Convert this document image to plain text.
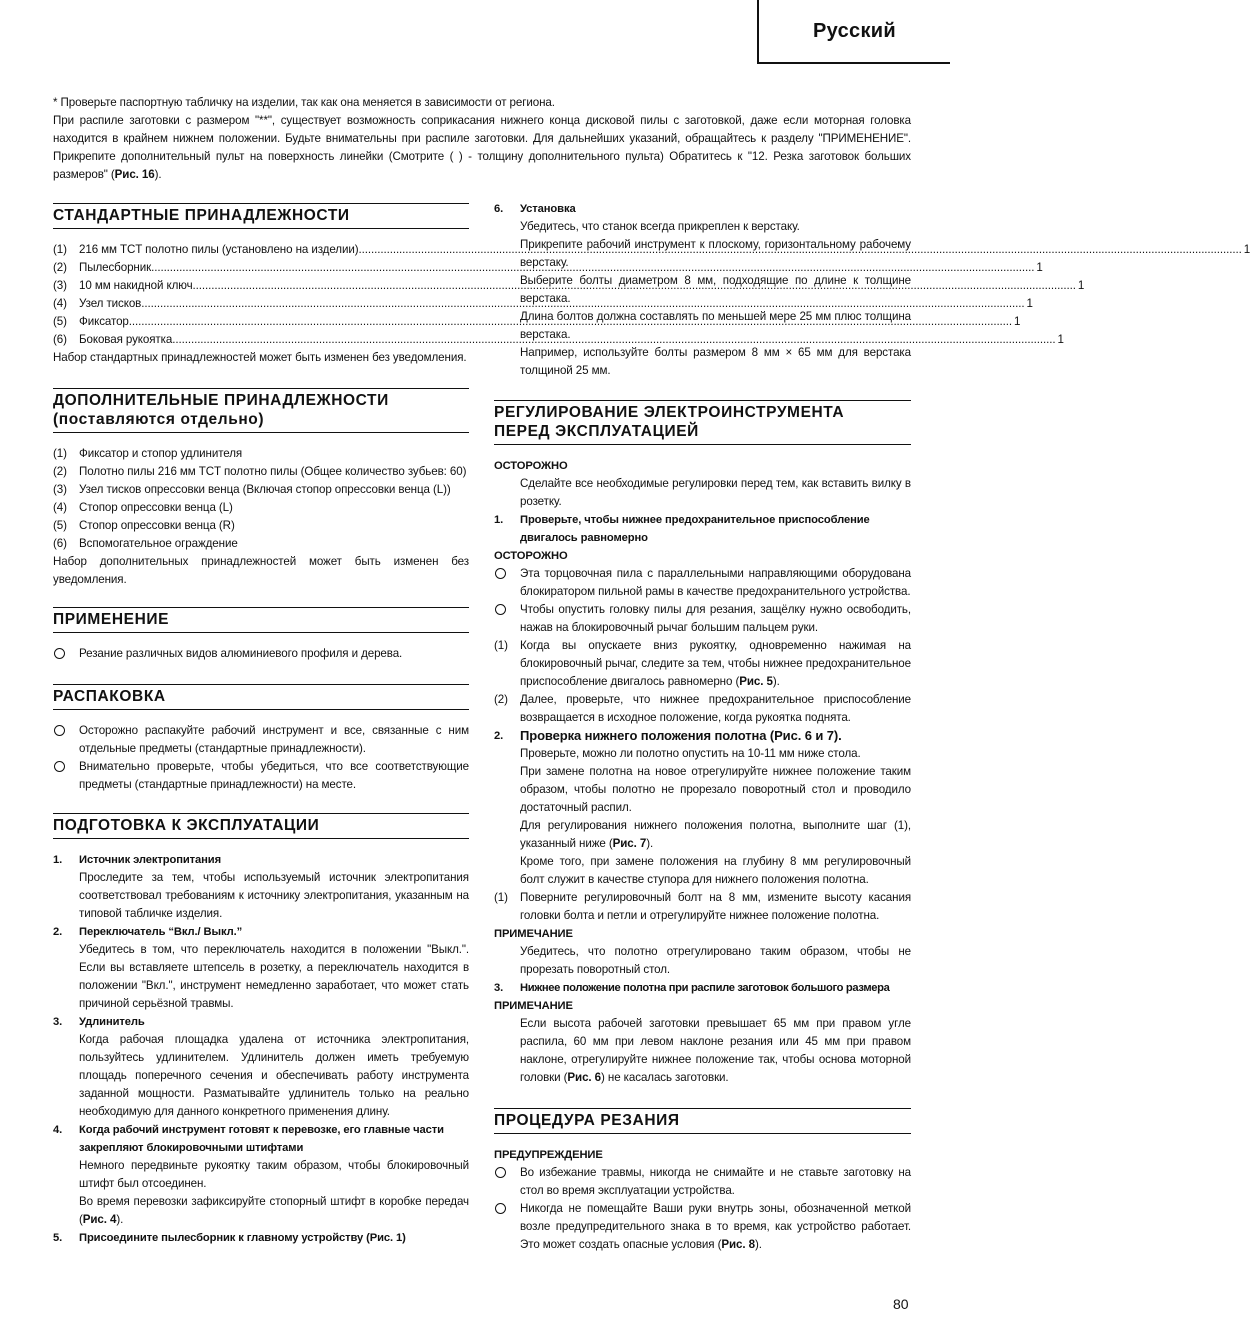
Русский

* Проверьте паспортную табличку на изделии, так как она меняется в зависимости от региона.

При распиле заготовки с размером "**", существует возможность соприкасания нижнего конца дисковой пилы с заготовкой, даже если моторная головка находится в крайнем нижнем положении. Будьте внимательны при распиле заготовки. Для дальнейших указаний, обращайтесь к разделу "ПРИМЕНЕНИЕ". Прикрепите дополнительный пульт на поверхность линейки (Смотрите ( ) - толщину дополнительного пульта) Обратитесь к "12. Резка заготовок больших размеров" (Рис. 16).

СТАНДАРТНЫЕ ПРИНАДЛЕЖНОСТИ
(1)	216 мм TCT полотно пилы (установлено на изделии) .....	1
(2)	Пылесборник .....	1
(3)	10 мм накидной ключ .....	1
(4)	Узел тисков .....	1
(5)	Фиксатор .....	1
(6)	Боковая рукоятка .....	1

Набор стандартных принадлежностей может быть изменен без уведомления.

ДОПОЛНИТЕЛЬНЫЕ ПРИНАДЛЕЖНОСТИ
(поставляются отдельно)
(1)	Фиксатор и стопор удлинителя
(2)	Полотно пилы 216 мм TCT полотно пилы (Общее количество зубьев: 60)
(3)	Узел тисков опрессовки венца (Включая стопор опрессовки венца (L))
(4)	Стопор опрессовки венца (L)
(5)	Стопор опрессовки венца (R)
(6)	Вспомогательное ограждение

Набор дополнительных принадлежностей может быть изменен без уведомления.

ПРИМЕНЕНИЕ
Резание различных видов алюминиевого профиля и дерева.
РАСПАКОВКА
Осторожно распакуйте рабочий инструмент и все, связанные с ним отдельные предметы (стандартные принадлежности).
Внимательно проверьте, чтобы убедиться, что все соответствующие предметы (стандартные принадлежности) на месте.
ПОДГОТОВКА К ЭКСПЛУАТАЦИИ
1.	Источник электропитания

Проследите за тем, чтобы используемый источник электропитания соответствовал требованиям к источнику электропитания, указанным на типовой табличке изделия.

2.	Переключатель “Вкл./ Выкл.”

Убедитесь в том, что переключатель находится в положении "Выкл.". Если вы вставляете штепсель в розетку, а переключатель находится в положении "Вкл.", инструмент немедленно заработает, что может стать причиной серьёзной травмы.

3.	Удлинитель

Когда рабочая площадка удалена от источника электропитания, пользуйтесь удлинителем. Удлинитель должен иметь требуемую площадь поперечного сечения и обеспечивать работу инструмента заданной мощности. Разматывайте удлинитель только на реально необходимую для данного конкретного применения длину.

4.	Когда рабочий инструмент готовят к перевозке, его главные части закрепляют блокировочными штифтами

Немного передвиньте рукоятку таким образом, чтобы блокировочный штифт был отсоединен.

Во время перевозки зафиксируйте стопорный штифт в коробке передач (Рис. 4).

5.	Присоедините пылесборник к главному устройству (Рис. 1)
6.	Установка

Убедитесь, что станок всегда прикреплен к верстаку.

Прикрепите рабочий инструмент к плоскому, горизонтальному рабочему верстаку.

Выберите болты диаметром 8 мм, подходящие по длине к толщине верстака.

Длина болтов должна составлять по меньшей мере 25 мм плюс толщина верстака.

Например, используйте болты размером 8 мм × 65 мм для верстака толщиной 25 мм.

РЕГУЛИРОВАНИЕ ЭЛЕКТРОИНСТРУМЕНТА
ПЕРЕД ЭКСПЛУАТАЦИЕЙ

ОСТОРОЖНО

Сделайте все необходимые регулировки перед тем, как вставить вилку в розетку.

1.	Проверьте, чтобы нижнее предохранительное приспособление двигалось равномерно

ОСТОРОЖНО

Эта торцовочная пила с параллельными направляющими оборудована блокиратором пильной рамы в качестве предохранительного устройства.
Чтобы опустить головку пилы для резания, защёлку нужно освободить, нажав на блокировочный рычаг большим пальцем руки.
(1)	Когда вы опускаете вниз рукоятку, одновременно нажимая на блокировочный рычаг, следите за тем, чтобы нижнее предохранительное приспособление двигалось равномерно (Рис. 5).
(2)	Далее, проверьте, что нижнее предохранительное приспособление возвращается в исходное положение, когда рукоятка поднята.
2.	Проверка нижнего положения полотна (Рис. 6 и 7).

Проверьте, можно ли полотно опустить на 10-11 мм ниже стола.

При замене полотна на новое отрегулируйте нижнее положение таким образом, чтобы полотно не прорезало поворотный стол и проводило достаточный распил.

Для регулирования нижнего положения полотна, выполните шаг (1), указанный ниже (Рис. 7).

Кроме того, при замене положения на глубину 8 мм регулировочный болт служит в качестве ступора для нижнего положения полотна.

(1)	Поверните регулировочный болт на 8 мм, измените высоту касания головки болта и петли и отрегулируйте нижнее положение полотна.

ПРИМЕЧАНИЕ

Убедитесь, что полотно отрегулировано таким образом, чтобы не прорезать поворотный стол.

3.	Нижнее положение полотна при распиле заготовок большого размера

ПРИМЕЧАНИЕ

Если высота рабочей заготовки превышает 65 мм при правом угле распила, 60 мм при левом наклоне резания или 45 мм при правом наклоне, отрегулируйте нижнее положение так, чтобы основа моторной головки (Рис. 6) не касалась заготовки.

ПРОЦЕДУРА РЕЗАНИЯ

ПРЕДУПРЕЖДЕНИЕ

Во избежание травмы, никогда не снимайте и не ставьте заготовку на стол во время эксплуатации устройства.
Никогда не помещайте Ваши руки внутрь зоны, обозначенной меткой возле предупредительного знака в то время, как устройство работает. Это может создать опасные условия (Рис. 8).
80
